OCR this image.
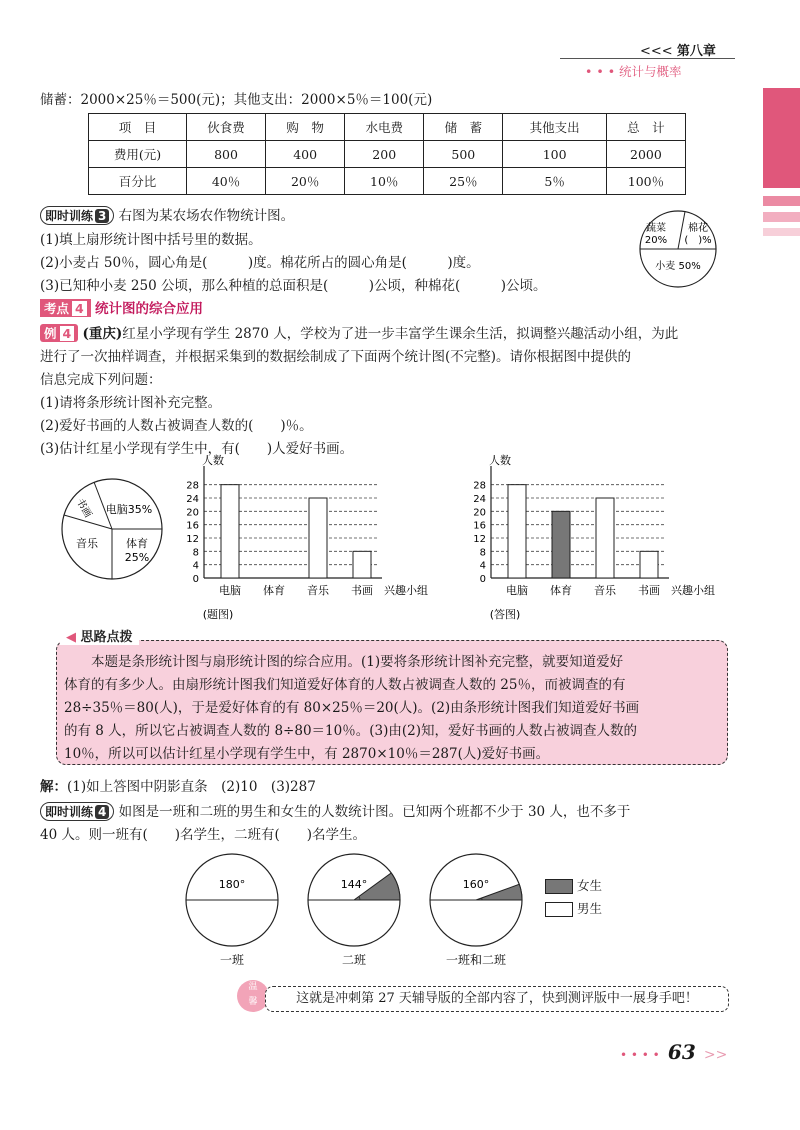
<<< 第八章
• • • 统计与概率
储蓄：2000×25％＝500(元)；其他支出：2000×5％＝100(元)
项　目	伙食费	购　物	水电费	储　蓄	其他支出	总　计
费用(元)	800	400	200	500	100	2000
百分比	40％	20％	10％	25％	5％	100％
即时训练 3 右图为某农场农作物统计图。
(1)填上扇形统计图中括号里的数据。
(2)小麦占 50％，圆心角是(　　　)度。棉花所占的圆心角是(　　　)度。
(3)已知种小麦 250 公顷，那么种植的总面积是(　　　)公顷，种棉花(　　　)公顷。
蔬菜
20%
棉花
(　)%
小麦 50%
考点 4 统计图的综合应用
例 4 (重庆)红星小学现有学生 2870 人，学校为了进一步丰富学生课余生活，拟调整兴趣活动小组，为此
进行了一次抽样调查，并根据采集到的数据绘制成了下面两个统计图(不完整)。请你根据图中提供的
信息完成下列问题：
(1)请将条形统计图补充完整。
(2)爱好书画的人数占被调查人数的(　　)％。
(3)估计红星小学现有学生中，有(　　)人爱好书画。
电脑35%
书画
音乐	体育
25%
人数
0
4
8
12
16
20
24
28
电脑 体育 音乐 书画 兴趣小组
(题图)
人数
0
4
8
12
16
20
24
28
电脑 体育 音乐 书画 兴趣小组
(答图)
◀ 思路点拨
本题是条形统计图与扇形统计图的综合应用。(1)要将条形统计图补充完整，就要知道爱好
体育的有多少人。由扇形统计图我们知道爱好体育的人数占被调查人数的 25％，而被调查的有
28÷35％＝80(人)，于是爱好体育的有 80×25％＝20(人)。(2)由条形统计图我们知道爱好书画
的有 8 人，所以它占被调查人数的 8÷80＝10％。(3)由(2)知，爱好书画的人数占被调查人数的
10％，所以可以估计红星小学现有学生中，有 2870×10％＝287(人)爱好书画。
解：(1)如上答图中阴影直条　(2)10　(3)287
即时训练 4 如图是一班和二班的男生和女生的人数统计图。已知两个班都不少于 30 人，也不多于
40 人。则一班有(　　)名学生，二班有(　　)名学生。
180°
一班
144°
二班
160°
一班和二班
女生
男生
温
馨	这就是冲刺第 27 天辅导版的全部内容了，快到测评版中一展身手吧！
• • • • 63 >>
